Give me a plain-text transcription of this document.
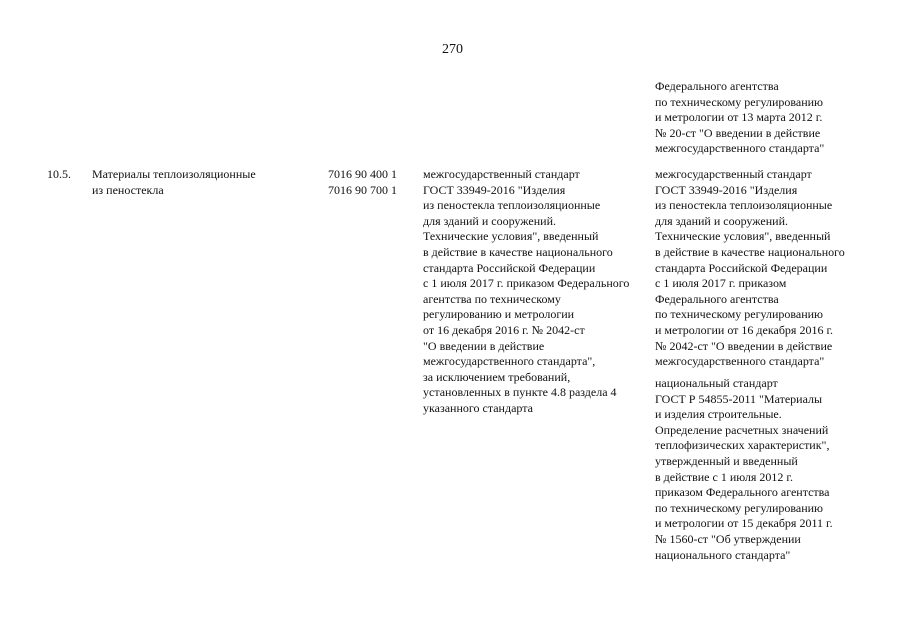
270
Федерального агентства
по техническому регулированию
и метрологии от 13 марта 2012 г.
№ 20-ст "О введении в действие
межгосударственного стандарта"
10.5. Материалы теплоизоляционные
из пеностекла
7016 90 400 1
7016 90 700 1
межгосударственный стандарт
ГОСТ 33949-2016 "Изделия
из пеностекла теплоизоляционные
для зданий и сооружений.
Технические условия", введенный
в действие в качестве национального
стандарта Российской Федерации
с 1 июля 2017 г. приказом Федерального
агентства по техническому
регулированию и метрологии
от 16 декабря 2016 г. № 2042-ст
"О введении в действие
межгосударственного стандарта",
за исключением требований,
установленных в пункте 4.8 раздела 4
указанного стандарта
межгосударственный стандарт
ГОСТ 33949-2016 "Изделия
из пеностекла теплоизоляционные
для зданий и сооружений.
Технические условия", введенный
в действие в качестве национального
стандарта Российской Федерации
с 1 июля 2017 г. приказом
Федерального агентства
по техническому регулированию
и метрологии от 16 декабря 2016 г.
№ 2042-ст "О введении в действие
межгосударственного стандарта"
национальный стандарт
ГОСТ Р 54855-2011 "Материалы
и изделия строительные.
Определение расчетных значений
теплофизических характеристик",
утвержденный и введенный
в действие с 1 июля 2012 г.
приказом Федерального агентства
по техническому регулированию
и метрологии от 15 декабря 2011 г.
№ 1560-ст "Об утверждении
национального стандарта"
